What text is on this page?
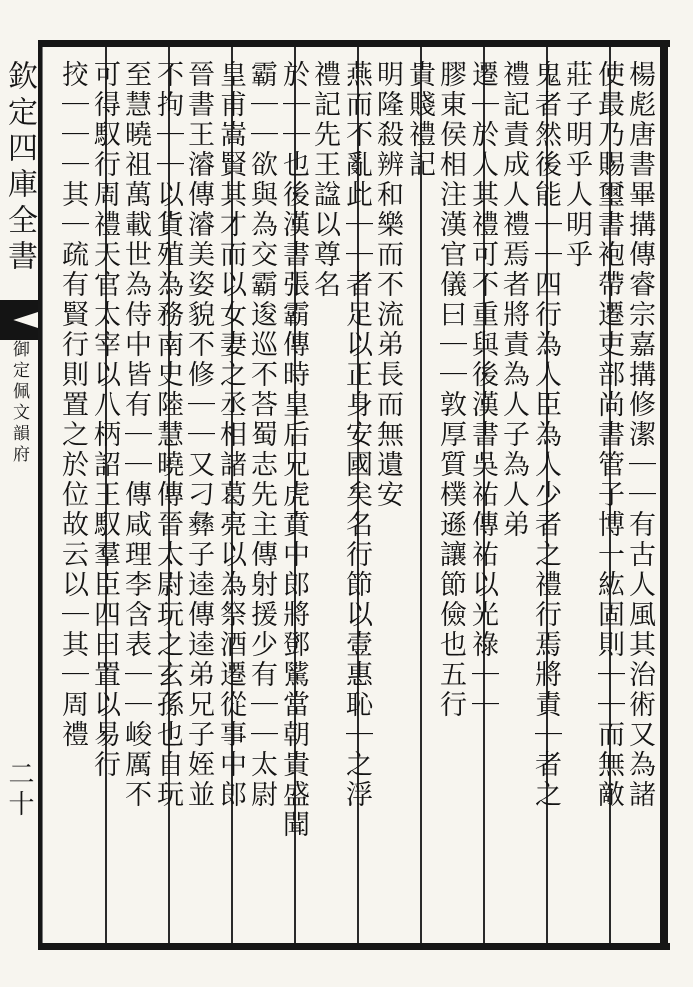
欽定四庫全書
御定佩文韻府
二十	楊彪唐書畢搆傳睿宗嘉搆修潔｜｜有古人風其治術又為諸
使最乃賜璽書袍帶遷吏部尚書管子博一紘固則｜｜而無敵
莊子明乎人明乎
鬼者然後能｜｜四行為人臣為人少者之禮行焉將責｜者之
禮記責成人禮焉者將責為人子為人弟
遷｜於人其禮可不重與後漢書吳祐傳祐以光祿｜｜
膠東侯相注漢官儀曰｜｜敦厚質樸遜讓節儉也五行
貴賤禮記
明隆殺辨和樂而不流弟長而無遺安
燕而不亂此｜｜者足以正身安國矣名行節以壹惠恥｜之浮
禮記先王諡以尊名
於｜｜也後漢書張霸傳時皇后兄虎賁中郎將鄧騭當朝貴盛聞
霸｜｜欲與為交霸逡巡不荅蜀志先主傳射援少有｜｜太尉
皇甫嵩賢其才而以女妻之丞相諸葛亮以為祭酒遷從事中郎
晉書王濬傳濬美姿貌不修｜｜又刁彝子逵傳逵弟兄子姪並
不拘｜｜以貨殖為務南史陸慧曉傳晉太尉玩之玄孫也自玩
至慧曉祖萬載世為侍中皆有｜｜傳咸理李含表｜｜峻厲不
可得馭行周禮天官太宰以八柄詔王馭羣臣四曰置以易行
挍｜｜｜其｜疏有賢行則置之於位故云以｜其｜周禮
